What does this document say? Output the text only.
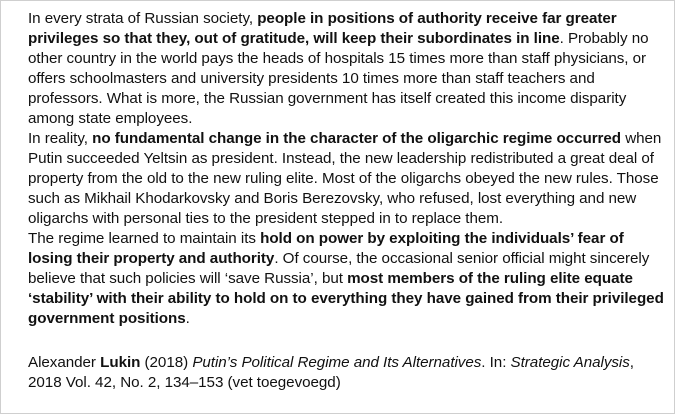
In every strata of Russian society, people in positions of authority receive far greater privileges so that they, out of gratitude, will keep their subordinates in line. Probably no other country in the world pays the heads of hospitals 15 times more than staff physicians, or offers schoolmasters and university presidents 10 times more than staff teachers and professors. What is more, the Russian government has itself created this income disparity among state employees.

In reality, no fundamental change in the character of the oligarchic regime occurred when Putin succeeded Yeltsin as president. Instead, the new leadership redistributed a great deal of property from the old to the new ruling elite. Most of the oligarchs obeyed the new rules. Those such as Mikhail Khodarkovsky and Boris Berezovsky, who refused, lost everything and new oligarchs with personal ties to the president stepped in to replace them.

The regime learned to maintain its hold on power by exploiting the individuals’ fear of losing their property and authority. Of course, the occasional senior official might sincerely believe that such policies will ‘save Russia’, but most members of the ruling elite equate ‘stability’ with their ability to hold on to everything they have gained from their privileged government positions.

Alexander Lukin (2018) Putin’s Political Regime and Its Alternatives. In: Strategic Analysis, 2018 Vol. 42, No. 2, 134–153 (vet toegevoegd)
